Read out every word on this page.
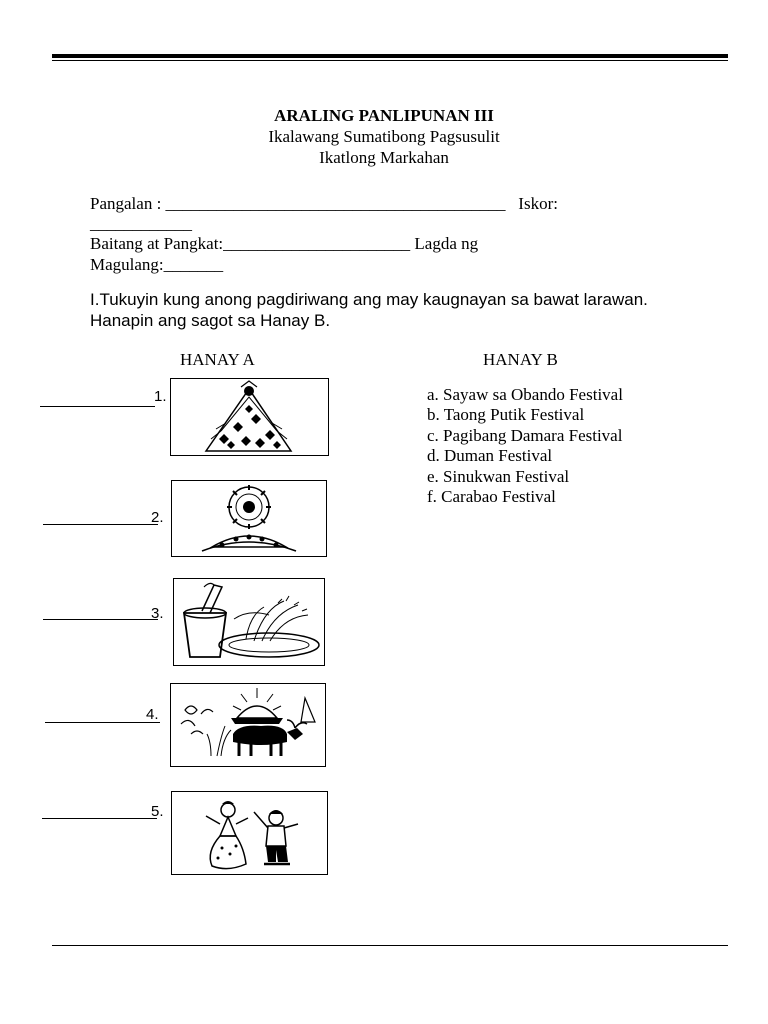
ARALING PANLIPUNAN III
Ikalawang Sumatibong Pagsusulit
Ikatlong Markahan
Pangalan : ________________________________________   Iskor:
____________
Baitang at Pangkat:______________________ Lagda ng
Magulang:_______
I.Tukuyin kung anong pagdiriwang ang may kaugnayan sa bawat larawan. Hanapin ang sagot sa Hanay B.
HANAY A	HANAY B
1.
2.
3.
4.
5.
a. Sayaw sa Obando Festival
b. Taong Putik Festival
c. Pagibang Damara Festival
d. Duman Festival
e. Sinukwan Festival
f. Carabao Festival
